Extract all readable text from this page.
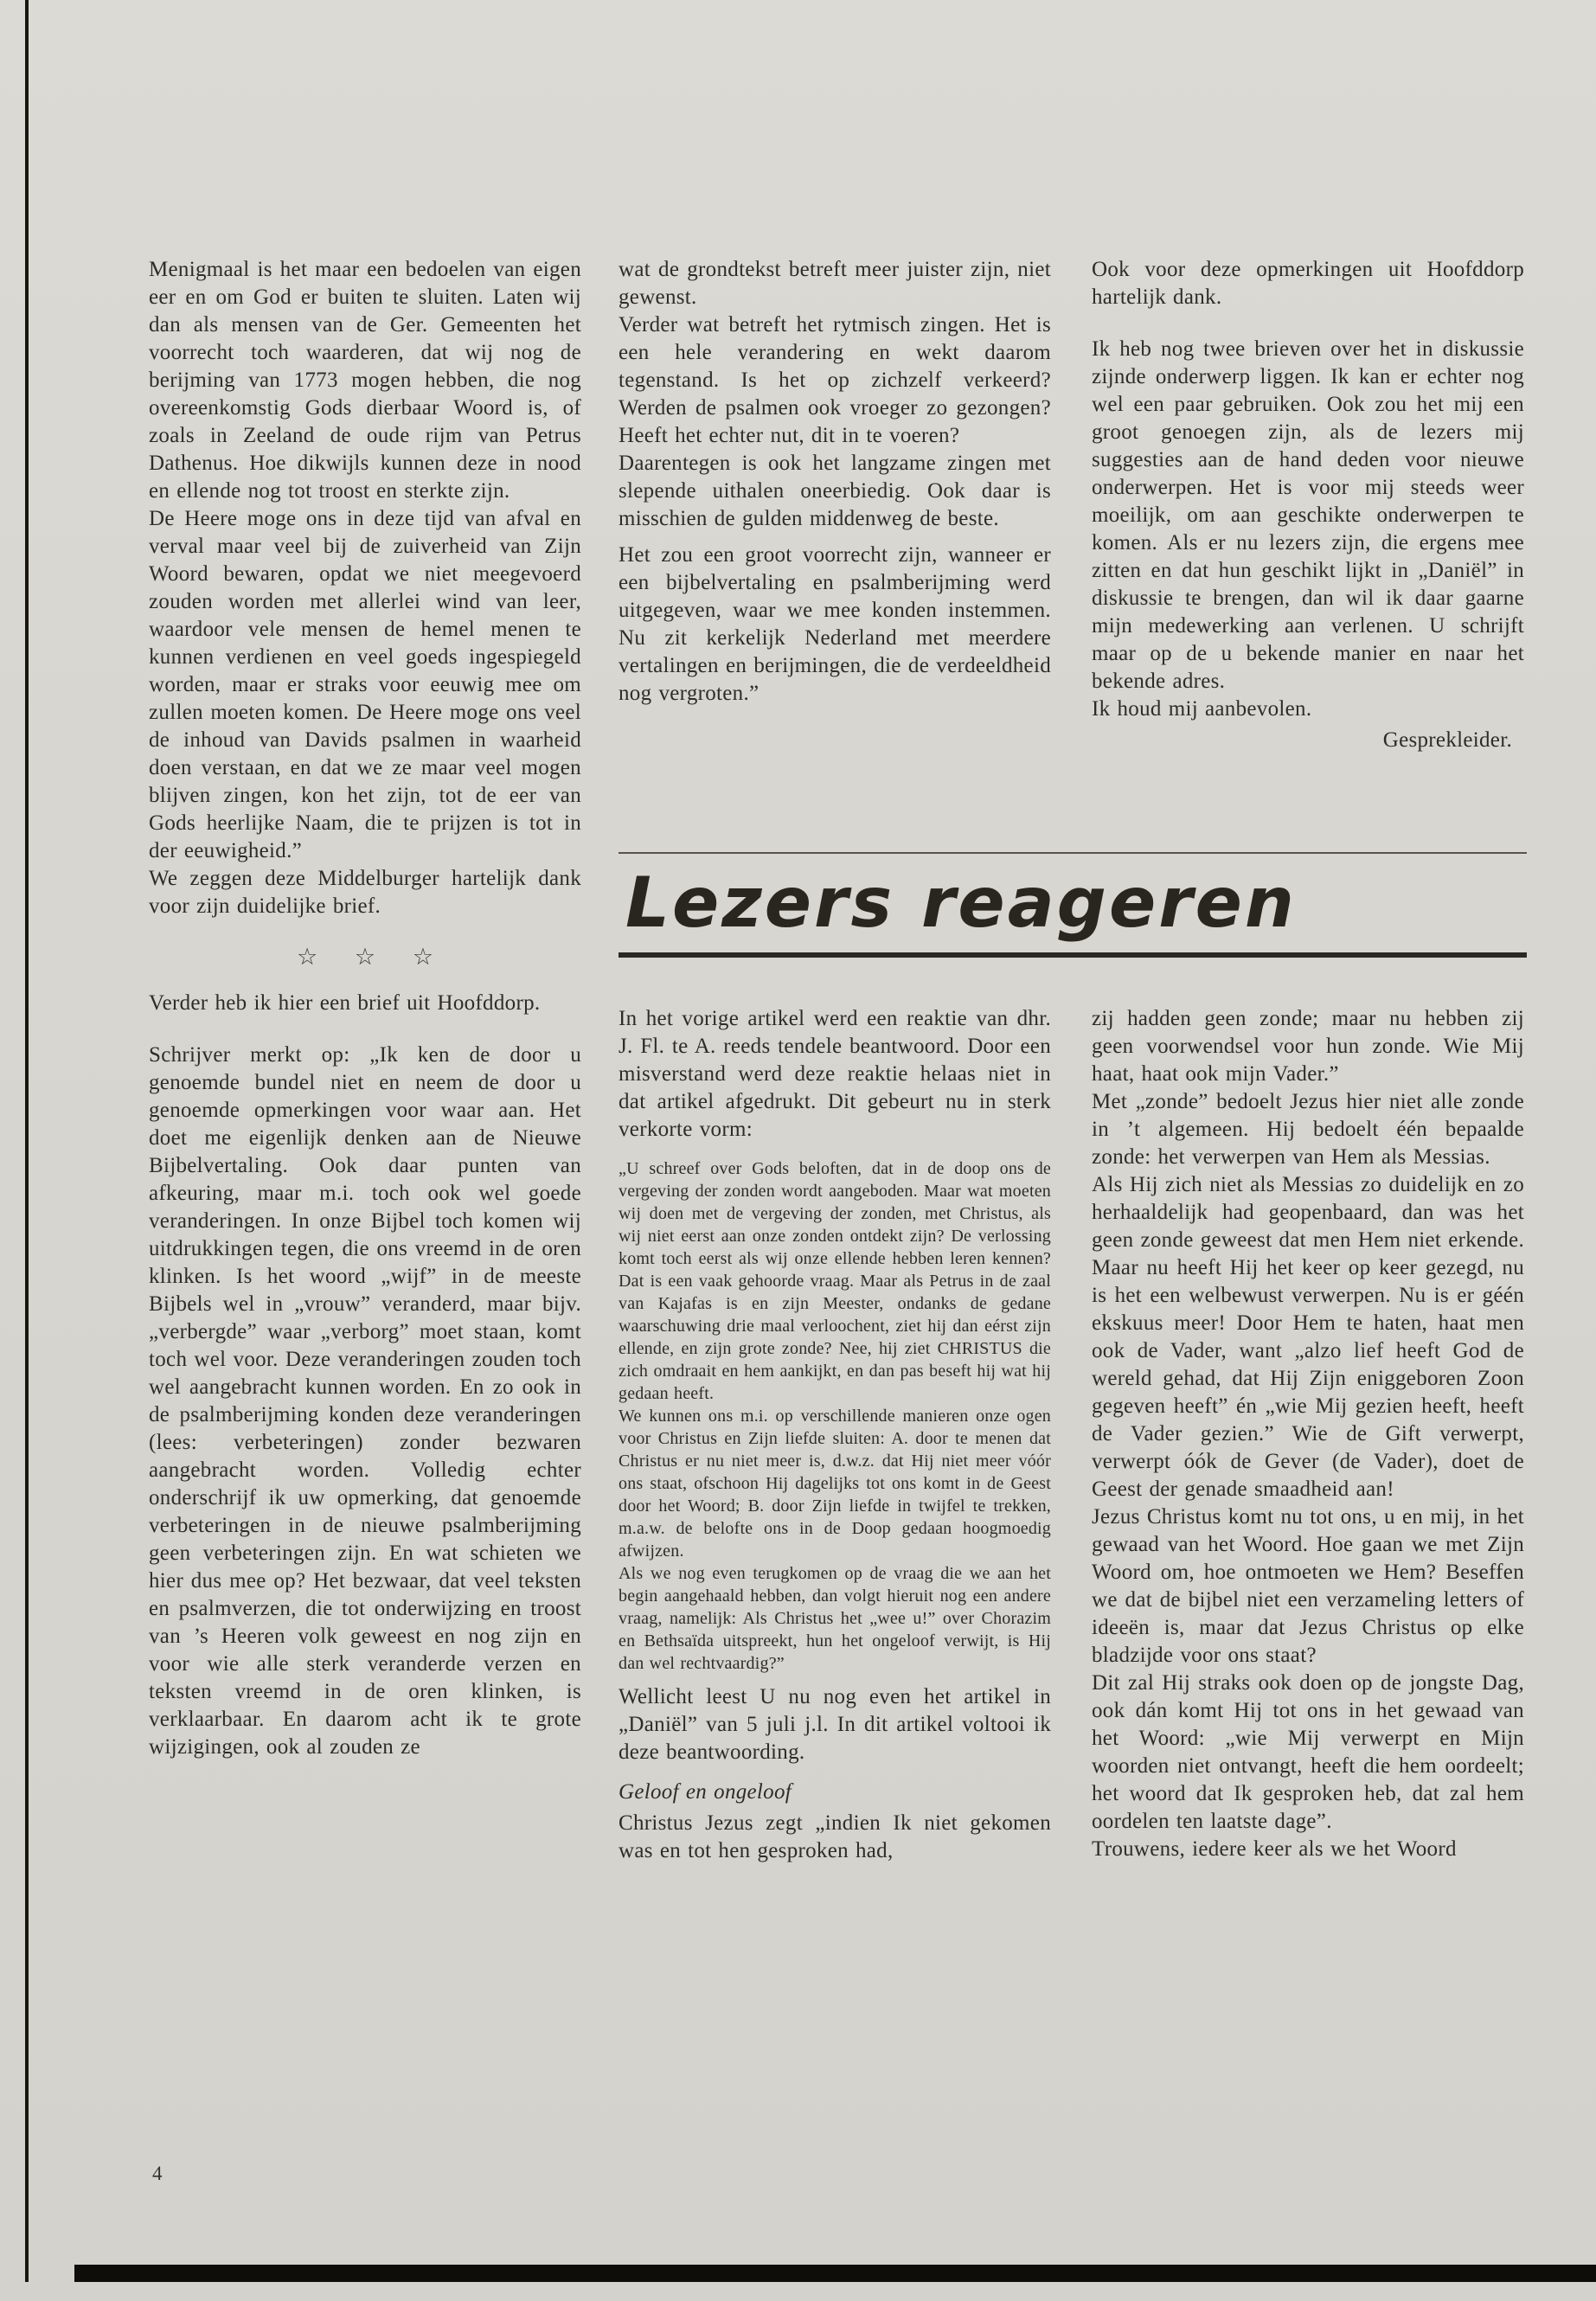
Menigmaal is het maar een bedoelen van eigen eer en om God er buiten te sluiten. Laten wij dan als mensen van de Ger. Gemeenten het voorrecht toch waarderen, dat wij nog de berijming van 1773 mogen hebben, die nog overeenkomstig Gods dierbaar Woord is, of zoals in Zeeland de oude rijm van Petrus Dathenus. Hoe dikwijls kunnen deze in nood en ellende nog tot troost en sterkte zijn.

De Heere moge ons in deze tijd van afval en verval maar veel bij de zuiverheid van Zijn Woord bewaren, opdat we niet meegevoerd zouden worden met allerlei wind van leer, waardoor vele mensen de hemel menen te kunnen verdienen en veel goeds ingespiegeld worden, maar er straks voor eeuwig mee om zullen moeten komen. De Heere moge ons veel de inhoud van Davids psalmen in waarheid doen verstaan, en dat we ze maar veel mogen blijven zingen, kon het zijn, tot de eer van Gods heerlijke Naam, die te prijzen is tot in der eeuwigheid.”

We zeggen deze Middelburger hartelijk dank voor zijn duidelijke brief.

☆ ☆ ☆

Verder heb ik hier een brief uit Hoofddorp.

Schrijver merkt op: „Ik ken de door u genoemde bundel niet en neem de door u genoemde opmerkingen voor waar aan. Het doet me eigenlijk denken aan de Nieuwe Bijbelvertaling. Ook daar punten van afkeuring, maar m.i. toch ook wel goede veranderingen. In onze Bijbel toch komen wij uitdrukkingen tegen, die ons vreemd in de oren klinken. Is het woord „wijf” in de meeste Bijbels wel in „vrouw” veranderd, maar bijv. „verbergde” waar „verborg” moet staan, komt toch wel voor. Deze veranderingen zouden toch wel aangebracht kunnen worden. En zo ook in de psalmberijming konden deze veranderingen (lees: verbeteringen) zonder bezwaren aangebracht worden. Volledig echter onderschrijf ik uw opmerking, dat genoemde verbeteringen in de nieuwe psalmberijming geen verbeteringen zijn. En wat schieten we hier dus mee op? Het bezwaar, dat veel teksten en psalmverzen, die tot onderwijzing en troost van ’s Heeren volk geweest en nog zijn en voor wie alle sterk veranderde verzen en teksten vreemd in de oren klinken, is verklaarbaar. En daarom acht ik te grote wijzigingen, ook al zouden ze

wat de grondtekst betreft meer juister zijn, niet gewenst.

Verder wat betreft het rytmisch zingen. Het is een hele verandering en wekt daarom tegenstand. Is het op zichzelf verkeerd? Werden de psalmen ook vroeger zo gezongen? Heeft het echter nut, dit in te voeren?

Daarentegen is ook het langzame zingen met slepende uithalen oneerbiedig. Ook daar is misschien de gulden middenweg de beste.

Het zou een groot voorrecht zijn, wanneer er een bijbelvertaling en psalmberijming werd uitgegeven, waar we mee konden instemmen. Nu zit kerkelijk Nederland met meerdere vertalingen en berijmingen, die de verdeeldheid nog vergroten.”

Ook voor deze opmerkingen uit Hoofddorp hartelijk dank.

Ik heb nog twee brieven over het in diskussie zijnde onderwerp liggen. Ik kan er echter nog wel een paar gebruiken. Ook zou het mij een groot genoegen zijn, als de lezers mij suggesties aan de hand deden voor nieuwe onderwerpen. Het is voor mij steeds weer moeilijk, om aan geschikte onderwerpen te komen. Als er nu lezers zijn, die ergens mee zitten en dat hun geschikt lijkt in „Daniël” in diskussie te brengen, dan wil ik daar gaarne mijn medewerking aan verlenen. U schrijft maar op de u bekende manier en naar het bekende adres.

Ik houd mij aanbevolen.

Gesprekleider.

Lezers reageren

In het vorige artikel werd een reaktie van dhr. J. Fl. te A. reeds tendele beantwoord. Door een misverstand werd deze reaktie helaas niet in dat artikel afgedrukt. Dit gebeurt nu in sterk verkorte vorm:

„U schreef over Gods beloften, dat in de doop ons de vergeving der zonden wordt aangeboden. Maar wat moeten wij doen met de vergeving der zonden, met Christus, als wij niet eerst aan onze zonden ontdekt zijn? De verlossing komt toch eerst als wij onze ellende hebben leren kennen? Dat is een vaak gehoorde vraag. Maar als Petrus in de zaal van Kajafas is en zijn Meester, ondanks de gedane waarschuwing drie maal verloochent, ziet hij dan eérst zijn ellende, en zijn grote zonde? Nee, hij ziet CHRISTUS die zich omdraait en hem aankijkt, en dan pas beseft hij wat hij gedaan heeft.

We kunnen ons m.i. op verschillende manieren onze ogen voor Christus en Zijn liefde sluiten: A. door te menen dat Christus er nu niet meer is, d.w.z. dat Hij niet meer vóór ons staat, ofschoon Hij dagelijks tot ons komt in de Geest door het Woord; B. door Zijn liefde in twijfel te trekken, m.a.w. de belofte ons in de Doop gedaan hoogmoedig afwijzen.

Als we nog even terugkomen op de vraag die we aan het begin aangehaald hebben, dan volgt hieruit nog een andere vraag, namelijk: Als Christus het „wee u!” over Chorazim en Bethsaïda uitspreekt, hun het ongeloof verwijt, is Hij dan wel rechtvaardig?”

Wellicht leest U nu nog even het artikel in „Daniël” van 5 juli j.l. In dit artikel voltooi ik deze beantwoording.

Geloof en ongeloof

Christus Jezus zegt „indien Ik niet gekomen was en tot hen gesproken had,

zij hadden geen zonde; maar nu hebben zij geen voorwendsel voor hun zonde. Wie Mij haat, haat ook mijn Vader.”

Met „zonde” bedoelt Jezus hier niet alle zonde in ’t algemeen. Hij bedoelt één bepaalde zonde: het verwerpen van Hem als Messias.

Als Hij zich niet als Messias zo duidelijk en zo herhaaldelijk had geopenbaard, dan was het geen zonde geweest dat men Hem niet erkende. Maar nu heeft Hij het keer op keer gezegd, nu is het een welbewust verwerpen. Nu is er géén ekskuus meer! Door Hem te haten, haat men ook de Vader, want „alzo lief heeft God de wereld gehad, dat Hij Zijn eniggeboren Zoon gegeven heeft” én „wie Mij gezien heeft, heeft de Vader gezien.” Wie de Gift verwerpt, verwerpt óók de Gever (de Vader), doet de Geest der genade smaadheid aan!

Jezus Christus komt nu tot ons, u en mij, in het gewaad van het Woord. Hoe gaan we met Zijn Woord om, hoe ontmoeten we Hem? Beseffen we dat de bijbel niet een verzameling letters of ideeën is, maar dat Jezus Christus op elke bladzijde voor ons staat?

Dit zal Hij straks ook doen op de jongste Dag, ook dán komt Hij tot ons in het gewaad van het Woord: „wie Mij verwerpt en Mijn woorden niet ontvangt, heeft die hem oordeelt; het woord dat Ik gesproken heb, dat zal hem oordelen ten laatste dage”.

Trouwens, iedere keer als we het Woord

4
